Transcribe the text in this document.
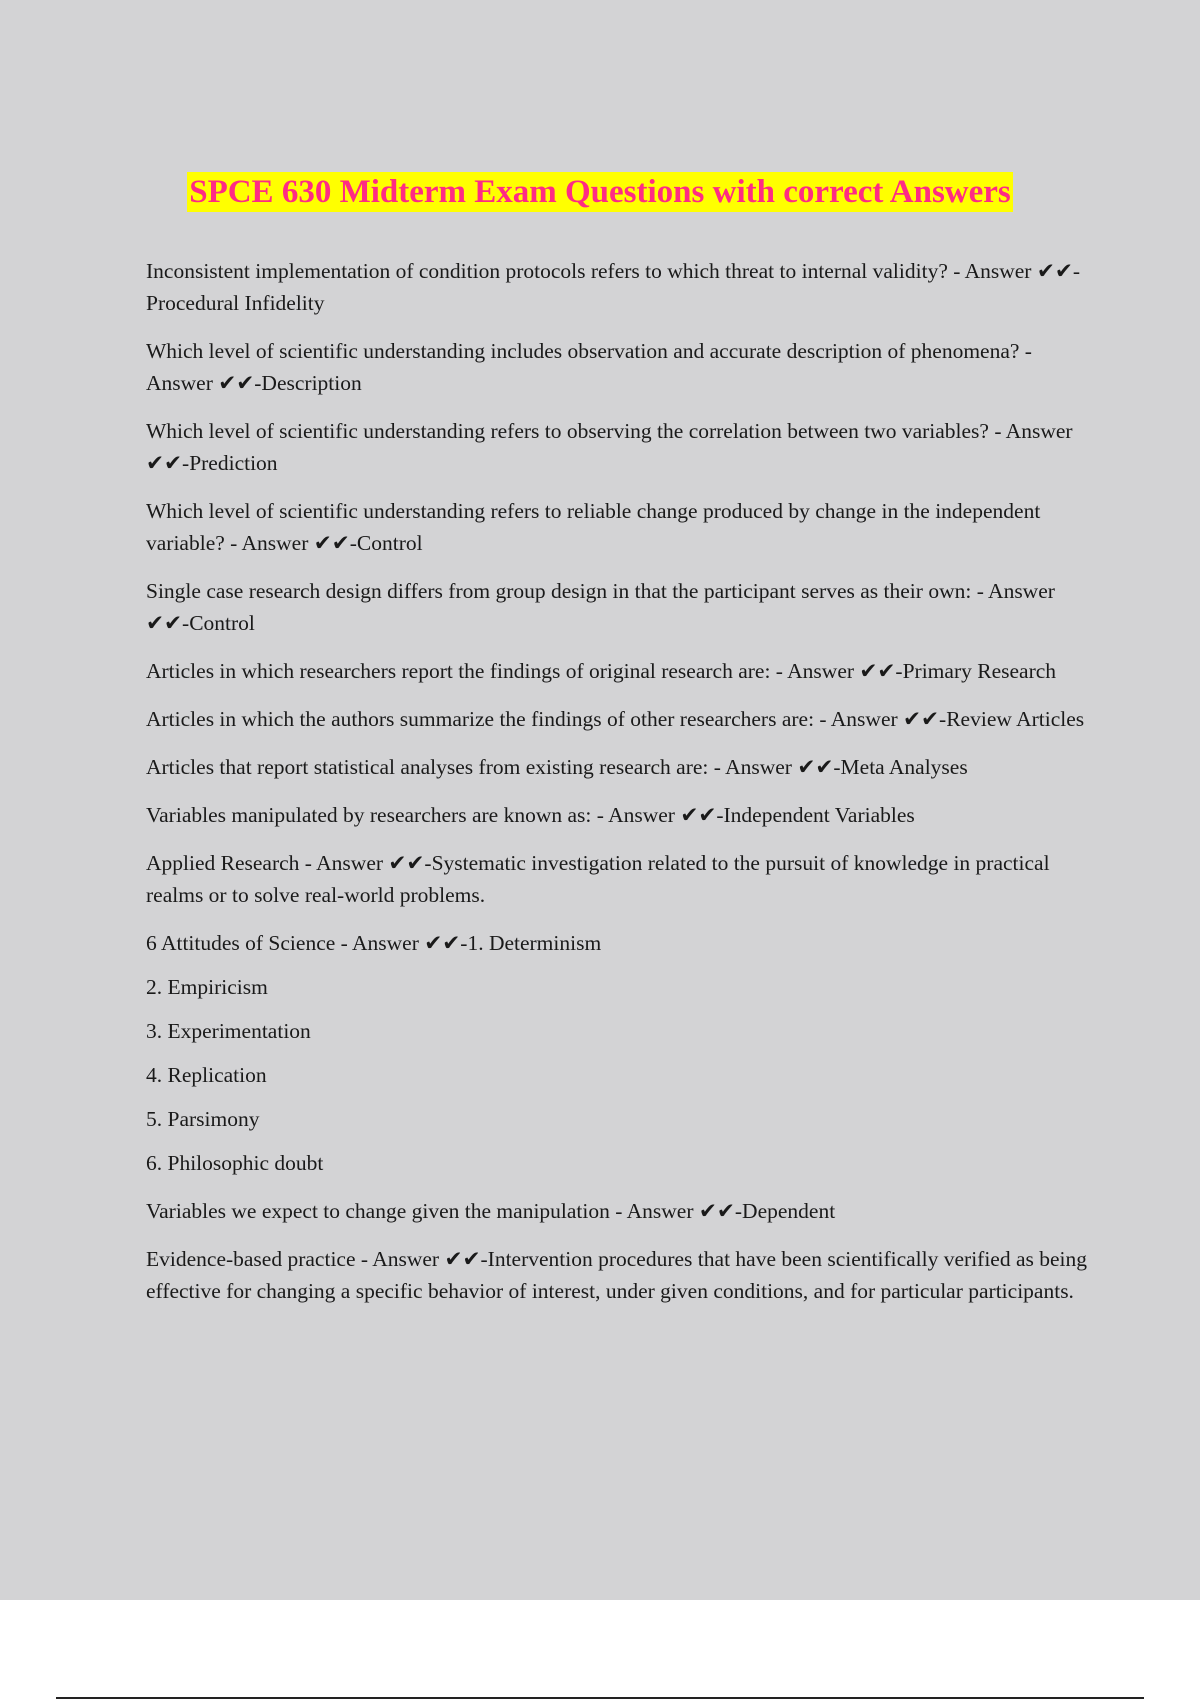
SPCE 630 Midterm Exam Questions with correct Answers

Inconsistent implementation of condition protocols refers to which threat to internal validity? - Answer ✔✔-Procedural Infidelity

Which level of scientific understanding includes observation and accurate description of phenomena? - Answer ✔✔-Description

Which level of scientific understanding refers to observing the correlation between two variables? - Answer ✔✔-Prediction

Which level of scientific understanding refers to reliable change produced by change in the independent variable? - Answer ✔✔-Control

Single case research design differs from group design in that the participant serves as their own: - Answer ✔✔-Control

Articles in which researchers report the findings of original research are: - Answer ✔✔-Primary Research

Articles in which the authors summarize the findings of other researchers are: - Answer ✔✔-Review Articles

Articles that report statistical analyses from existing research are: - Answer ✔✔-Meta Analyses

Variables manipulated by researchers are known as: - Answer ✔✔-Independent Variables

Applied Research - Answer ✔✔-Systematic investigation related to the pursuit of knowledge in practical realms or to solve real-world problems.

6 Attitudes of Science - Answer ✔✔-1. Determinism

2. Empiricism

3. Experimentation

4. Replication

5. Parsimony

6. Philosophic doubt

Variables we expect to change given the manipulation - Answer ✔✔-Dependent

Evidence-based practice - Answer ✔✔-Intervention procedures that have been scientifically verified as being effective for changing a specific behavior of interest, under given conditions, and for particular participants.
